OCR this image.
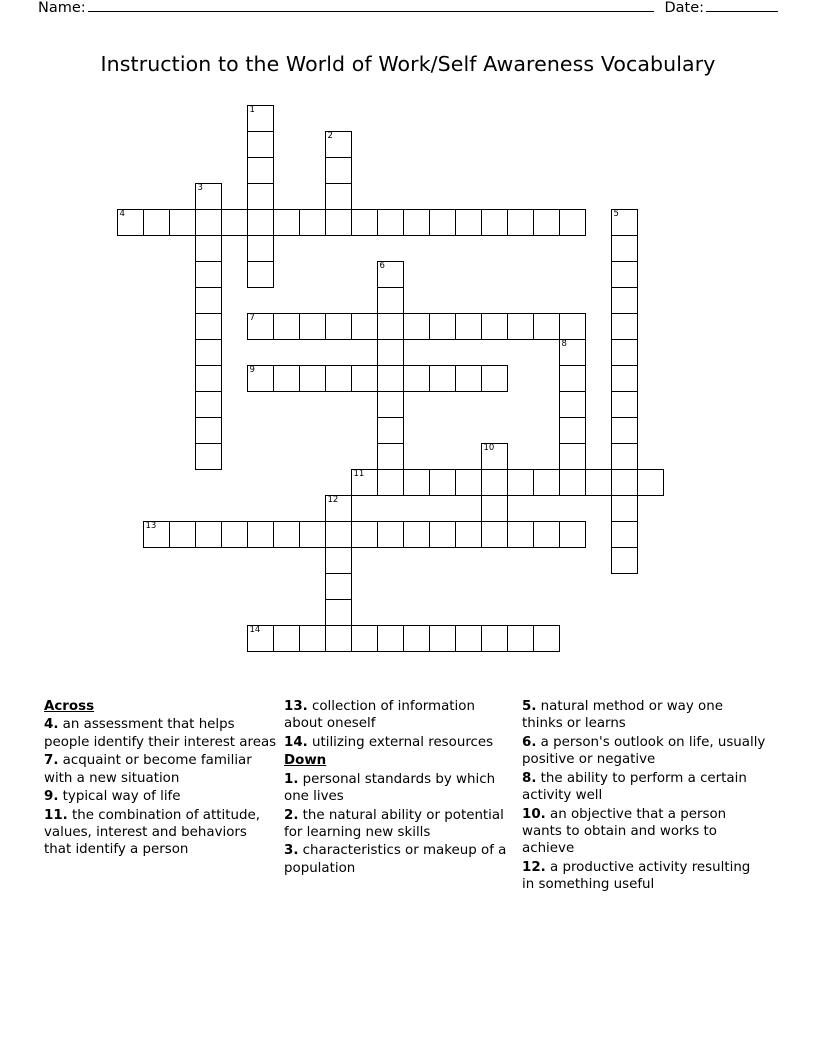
Name:	Date:
Instruction to the World of Work/Self Awareness Vocabulary
1
2
3
4	5
6
7
8
9
10
11
12
13
14
Across

4. an assessment that helps people identify their interest areas

7. acquaint or become familiar with a new situation

9. typical way of life

11. the combination of attitude, values, interest and behaviors that identify a person

13. collection of information about oneself

14. utilizing external resources

Down

1. personal standards by which one lives

2. the natural ability or potential for learning new skills

3. characteristics or makeup of a population

5. natural method or way one thinks or learns

6. a person's outlook on life, usually positive or negative

8. the ability to perform a certain activity well

10. an objective that a person wants to obtain and works to achieve

12. a productive activity resulting in something useful
